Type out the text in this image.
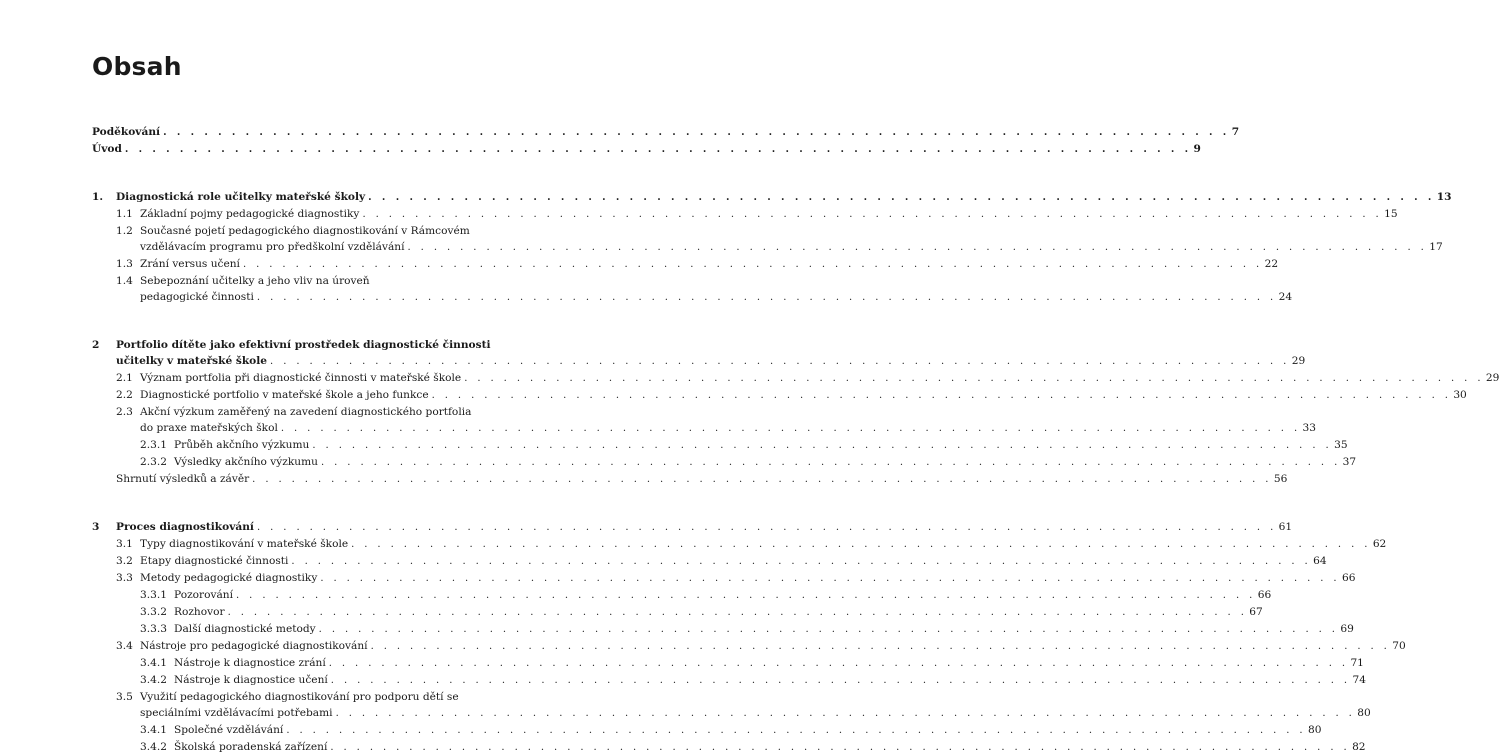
Obsah
Poděkování . . . . . . . . . . . . . . . . . . . . . . . . . . . . . . . . . . . . . . . . . . . . . . . . . . . . . . . . . . . . . . . . . . . . . . . . . . . . . . 7
Úvod . . . . . . . . . . . . . . . . . . . . . . . . . . . . . . . . . . . . . . . . . . . . . . . . . . . . . . . . . . . . . . . . . . . . . . . . . . . . . . 9
1. Diagnostická role učitelky mateřské školy . . . . . . . . . . . . . . . . . . . . . . . . . . . . . . . . . . . . . . . . . . . . . . . . . . . . . . . . . . . . . . . . . . . . . . . . . . . . . . 13
1.1 Základní pojmy pedagogické diagnostiky . . . . . . . . . . . . . . . . . . . . . . . . . . . . . . . . . . . . . . . . . . . . . . . . . . . . . . . . . . . . . . . . . . . . . . . . . . . . . . 15
1.2 Současné pojetí pedagogického diagnostikování v Rámcovém
vzdělávacím programu pro předškolní vzdělávání . . . . . . . . . . . . . . . . . . . . . . . . . . . . . . . . . . . . . . . . . . . . . . . . . . . . . . . . . . . . . . . . . . . . . . . . . . . . . . 17
1.3 Zrání versus učení . . . . . . . . . . . . . . . . . . . . . . . . . . . . . . . . . . . . . . . . . . . . . . . . . . . . . . . . . . . . . . . . . . . . . . . . . . . . . . 22
1.4 Sebepoznání učitelky a jeho vliv na úroveň
pedagogické činnosti . . . . . . . . . . . . . . . . . . . . . . . . . . . . . . . . . . . . . . . . . . . . . . . . . . . . . . . . . . . . . . . . . . . . . . . . . . . . . . 24
2 Portfolio dítěte jako efektivní prostředek diagnostické činnosti
učitelky v mateřské škole . . . . . . . . . . . . . . . . . . . . . . . . . . . . . . . . . . . . . . . . . . . . . . . . . . . . . . . . . . . . . . . . . . . . . . . . . . . . . . 29
2.1 Význam portfolia při diagnostické činnosti v mateřské škole . . . . . . . . . . . . . . . . . . . . . . . . . . . . . . . . . . . . . . . . . . . . . . . . . . . . . . . . . . . . . . . . . . . . . . . . . . . . . . 29
2.2 Diagnostické portfolio v mateřské škole a jeho funkce . . . . . . . . . . . . . . . . . . . . . . . . . . . . . . . . . . . . . . . . . . . . . . . . . . . . . . . . . . . . . . . . . . . . . . . . . . . . . . 30
2.3 Akční výzkum zaměřený na zavedení diagnostického portfolia
do praxe mateřských škol . . . . . . . . . . . . . . . . . . . . . . . . . . . . . . . . . . . . . . . . . . . . . . . . . . . . . . . . . . . . . . . . . . . . . . . . . . . . . . 33
2.3.1 Průběh akčního výzkumu . . . . . . . . . . . . . . . . . . . . . . . . . . . . . . . . . . . . . . . . . . . . . . . . . . . . . . . . . . . . . . . . . . . . . . . . . . . . . . 35
2.3.2 Výsledky akčního výzkumu . . . . . . . . . . . . . . . . . . . . . . . . . . . . . . . . . . . . . . . . . . . . . . . . . . . . . . . . . . . . . . . . . . . . . . . . . . . . . . 37
Shrnutí výsledků a závěr . . . . . . . . . . . . . . . . . . . . . . . . . . . . . . . . . . . . . . . . . . . . . . . . . . . . . . . . . . . . . . . . . . . . . . . . . . . . . . 56
3 Proces diagnostikování . . . . . . . . . . . . . . . . . . . . . . . . . . . . . . . . . . . . . . . . . . . . . . . . . . . . . . . . . . . . . . . . . . . . . . . . . . . . . . 61
3.1 Typy diagnostikování v mateřské škole . . . . . . . . . . . . . . . . . . . . . . . . . . . . . . . . . . . . . . . . . . . . . . . . . . . . . . . . . . . . . . . . . . . . . . . . . . . . . . 62
3.2 Etapy diagnostické činnosti . . . . . . . . . . . . . . . . . . . . . . . . . . . . . . . . . . . . . . . . . . . . . . . . . . . . . . . . . . . . . . . . . . . . . . . . . . . . . . 64
3.3 Metody pedagogické diagnostiky . . . . . . . . . . . . . . . . . . . . . . . . . . . . . . . . . . . . . . . . . . . . . . . . . . . . . . . . . . . . . . . . . . . . . . . . . . . . . . 66
3.3.1 Pozorování . . . . . . . . . . . . . . . . . . . . . . . . . . . . . . . . . . . . . . . . . . . . . . . . . . . . . . . . . . . . . . . . . . . . . . . . . . . . . . 66
3.3.2 Rozhovor . . . . . . . . . . . . . . . . . . . . . . . . . . . . . . . . . . . . . . . . . . . . . . . . . . . . . . . . . . . . . . . . . . . . . . . . . . . . . . 67
3.3.3 Další diagnostické metody . . . . . . . . . . . . . . . . . . . . . . . . . . . . . . . . . . . . . . . . . . . . . . . . . . . . . . . . . . . . . . . . . . . . . . . . . . . . . . 69
3.4 Nástroje pro pedagogické diagnostikování . . . . . . . . . . . . . . . . . . . . . . . . . . . . . . . . . . . . . . . . . . . . . . . . . . . . . . . . . . . . . . . . . . . . . . . . . . . . . . 70
3.4.1 Nástroje k diagnostice zrání . . . . . . . . . . . . . . . . . . . . . . . . . . . . . . . . . . . . . . . . . . . . . . . . . . . . . . . . . . . . . . . . . . . . . . . . . . . . . . 71
3.4.2 Nástroje k diagnostice učení . . . . . . . . . . . . . . . . . . . . . . . . . . . . . . . . . . . . . . . . . . . . . . . . . . . . . . . . . . . . . . . . . . . . . . . . . . . . . . 74
3.5 Využití pedagogického diagnostikování pro podporu dětí se
speciálními vzdělávacími potřebami . . . . . . . . . . . . . . . . . . . . . . . . . . . . . . . . . . . . . . . . . . . . . . . . . . . . . . . . . . . . . . . . . . . . . . . . . . . . . . 80
3.4.1 Společné vzdělávání . . . . . . . . . . . . . . . . . . . . . . . . . . . . . . . . . . . . . . . . . . . . . . . . . . . . . . . . . . . . . . . . . . . . . . . . . . . . . . 80
3.4.2 Školská poradenská zařízení . . . . . . . . . . . . . . . . . . . . . . . . . . . . . . . . . . . . . . . . . . . . . . . . . . . . . . . . . . . . . . . . . . . . . . . . . . . . . . 82
